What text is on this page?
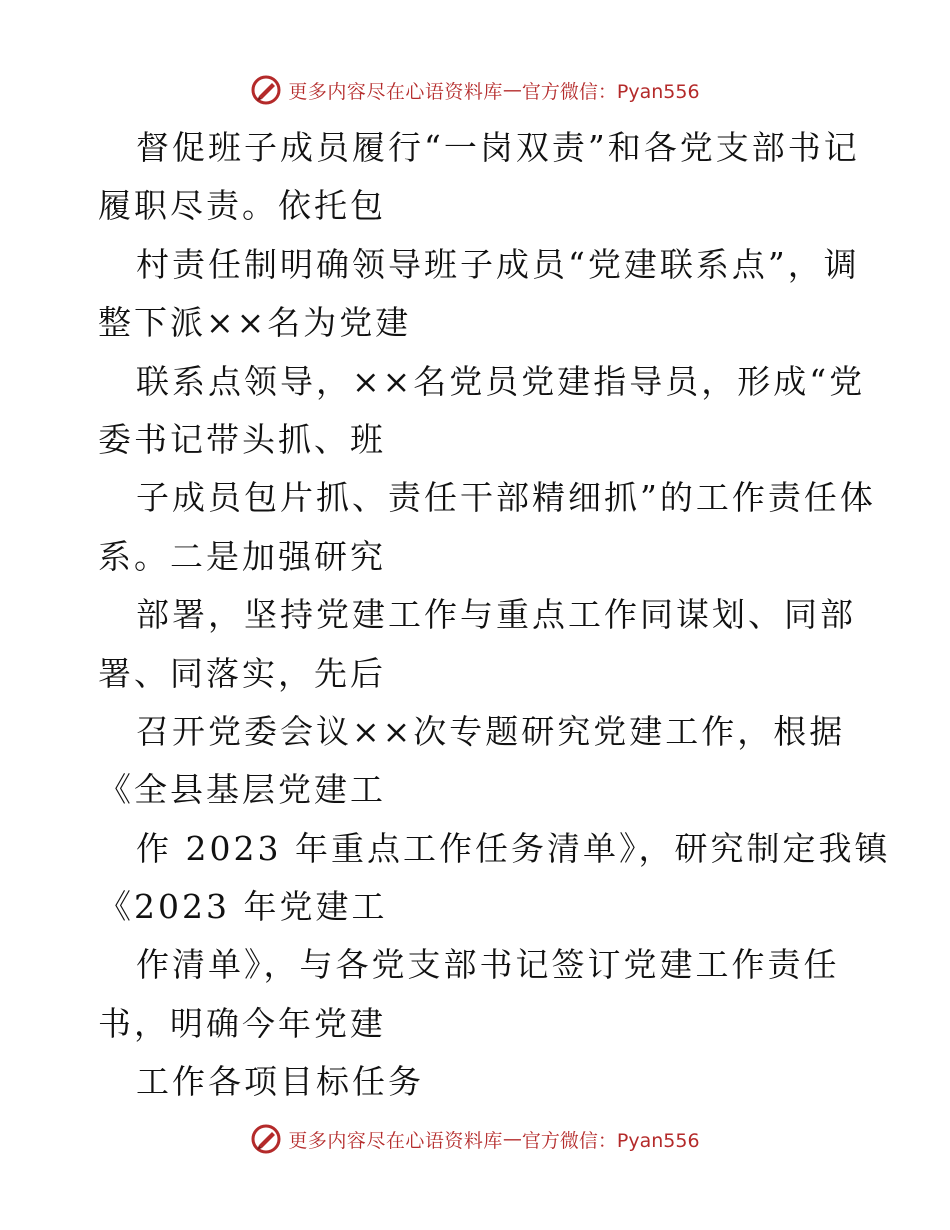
更多内容尽在心语资料库 — 官方微信：Pyan556
督促班子成员履行“一岗双责”和各党支部书记
履职尽责。依托包
村责任制明确领导班子成员“党建联系点”，调
整下派××名为党建
联系点领导，××名党员党建指导员，形成“党
委书记带头抓、班
子成员包片抓、责任干部精细抓”的工作责任体
系。二是加强研究
部署，坚持党建工作与重点工作同谋划、同部
署、同落实，先后
召开党委会议××次专题研究党建工作，根据
《全县基层党建工
作 2023 年重点工作任务清单》，研究制定我镇
《2023 年党建工
作清单》，与各党支部书记签订党建工作责任
书，明确今年党建
工作各项目标任务
更多内容尽在心语资料库 — 官方微信：Pyan556
